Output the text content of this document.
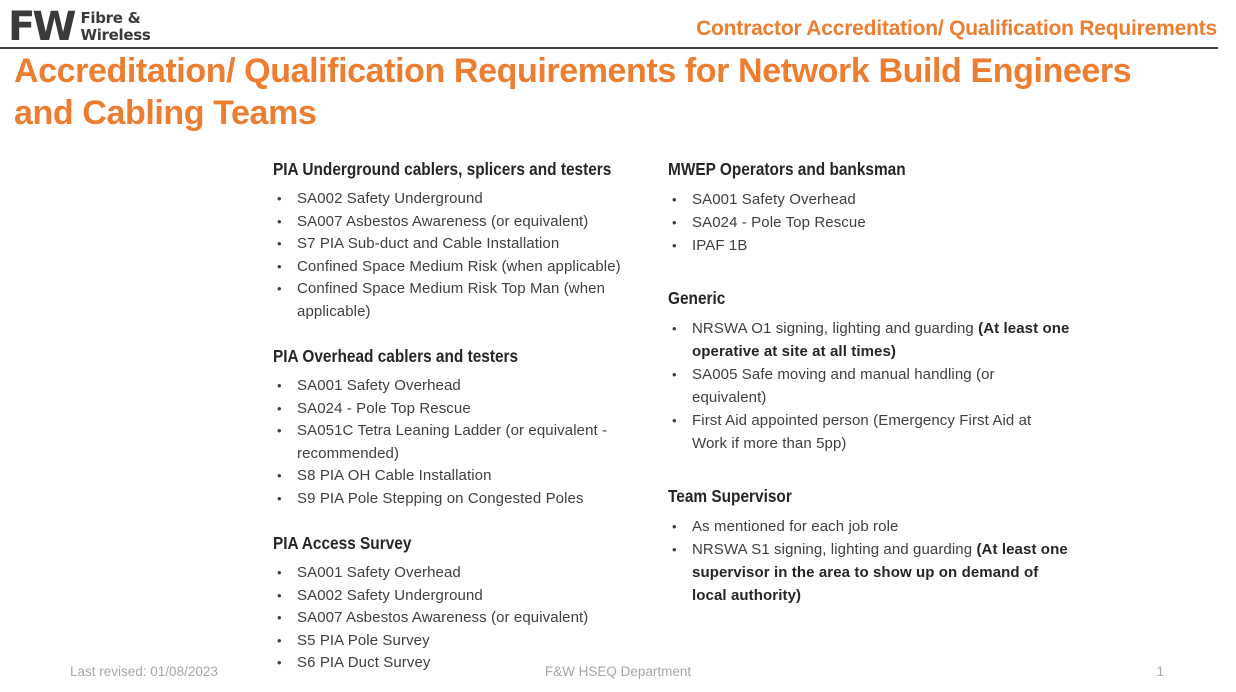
FW Fibre &
Wireless	Contractor Accreditation/ Qualification Requirements
Accreditation/ Qualification Requirements for Network Build Engineers
and Cabling Teams
PIA Underground cablers, splicers and testers
•	SA002 Safety Underground
•	SA007 Asbestos Awareness (or equivalent)
•	S7 PIA Sub-duct and Cable Installation
•	Confined Space Medium Risk (when applicable)
•	Confined Space Medium Risk Top Man (when applicable)
PIA Overhead cablers and testers
•	SA001 Safety Overhead
•	SA024 - Pole Top Rescue
•	SA051C Tetra Leaning Ladder (or equivalent - recommended)
•	S8 PIA OH Cable Installation
•	S9 PIA Pole Stepping on Congested Poles
PIA Access Survey
•	SA001 Safety Overhead
•	SA002 Safety Underground
•	SA007 Asbestos Awareness (or equivalent)
•	S5 PIA Pole Survey
•	S6 PIA Duct Survey
MWEP Operators and banksman
•	SA001 Safety Overhead
•	SA024 - Pole Top Rescue
•	IPAF 1B
Generic
•	NRSWA O1 signing, lighting and guarding (At least one operative at site at all times)
•	SA005 Safe moving and manual handling (or equivalent)
•	First Aid appointed person (Emergency First Aid at Work if more than 5pp)
Team Supervisor
•	As mentioned for each job role
•	NRSWA S1 signing, lighting and guarding (At least one supervisor in the area to show up on demand of local authority)
Last revised: 01/08/2023	F&W HSEQ Department	1
